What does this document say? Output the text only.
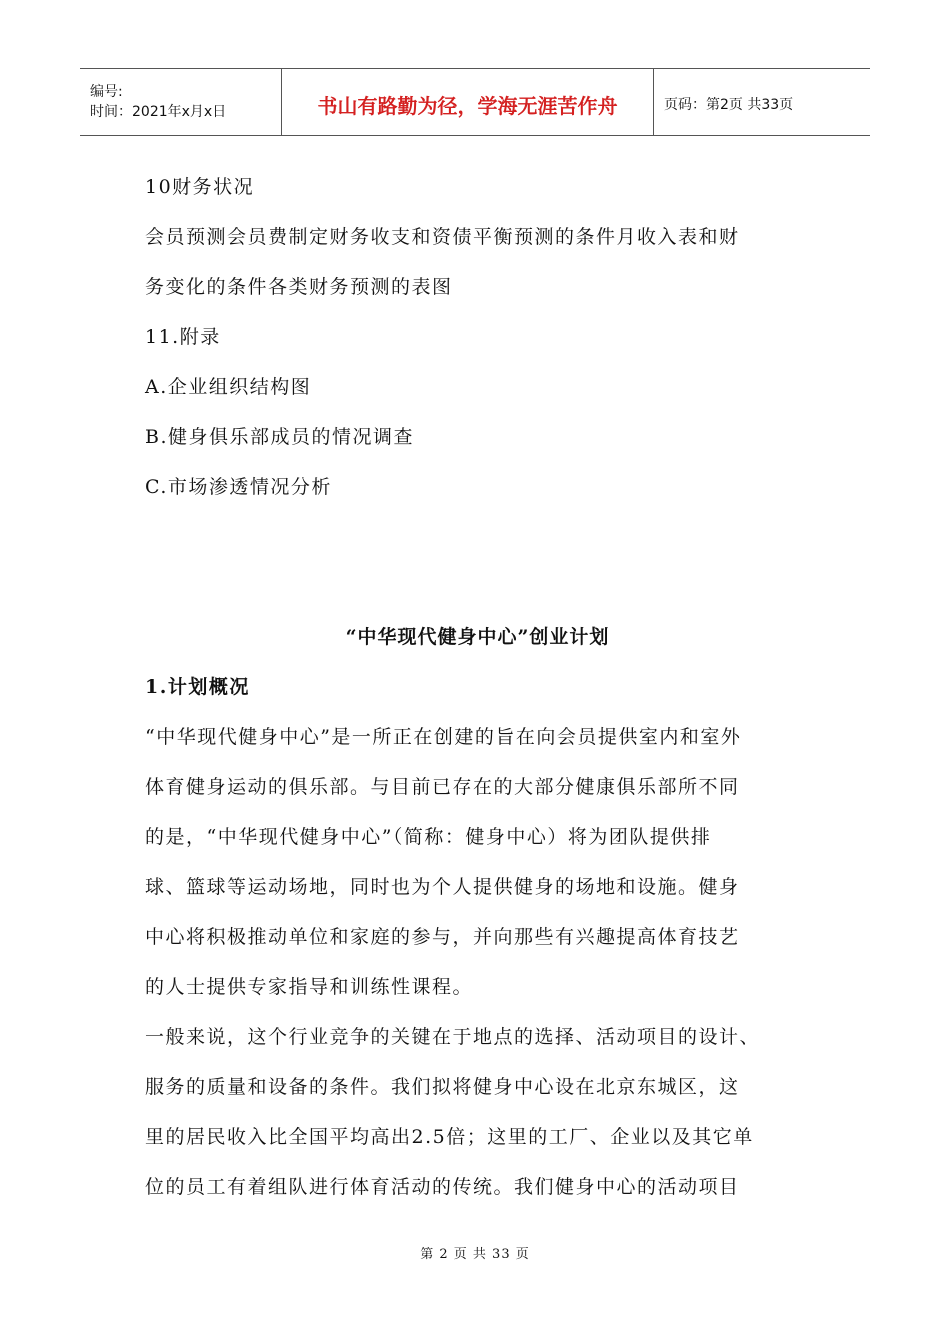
编号:
时间：2021年x月x日	书山有路勤为径，学海无涯苦作舟	页码：第2页 共33页

10财务状况

会员预测会员费制定财务收支和资债平衡预测的条件月收入表和财

务变化的条件各类财务预测的表图

11.附录

A.企业组织结构图

B.健身俱乐部成员的情况调查

C.市场渗透情况分析

“中华现代健身中心”创业计划

1.计划概况

“中华现代健身中心”是一所正在创建的旨在向会员提供室内和室外

体育健身运动的俱乐部。与目前已存在的大部分健康俱乐部所不同

的是，“中华现代健身中心”（简称：健身中心）将为团队提供排

球、篮球等运动场地，同时也为个人提供健身的场地和设施。健身

中心将积极推动单位和家庭的参与，并向那些有兴趣提高体育技艺

的人士提供专家指导和训练性课程。

一般来说，这个行业竞争的关键在于地点的选择、活动项目的设计、

服务的质量和设备的条件。我们拟将健身中心设在北京东城区，这

里的居民收入比全国平均高出2.5倍；这里的工厂、企业以及其它单

位的员工有着组队进行体育活动的传统。我们健身中心的活动项目

第 2 页 共 33 页
